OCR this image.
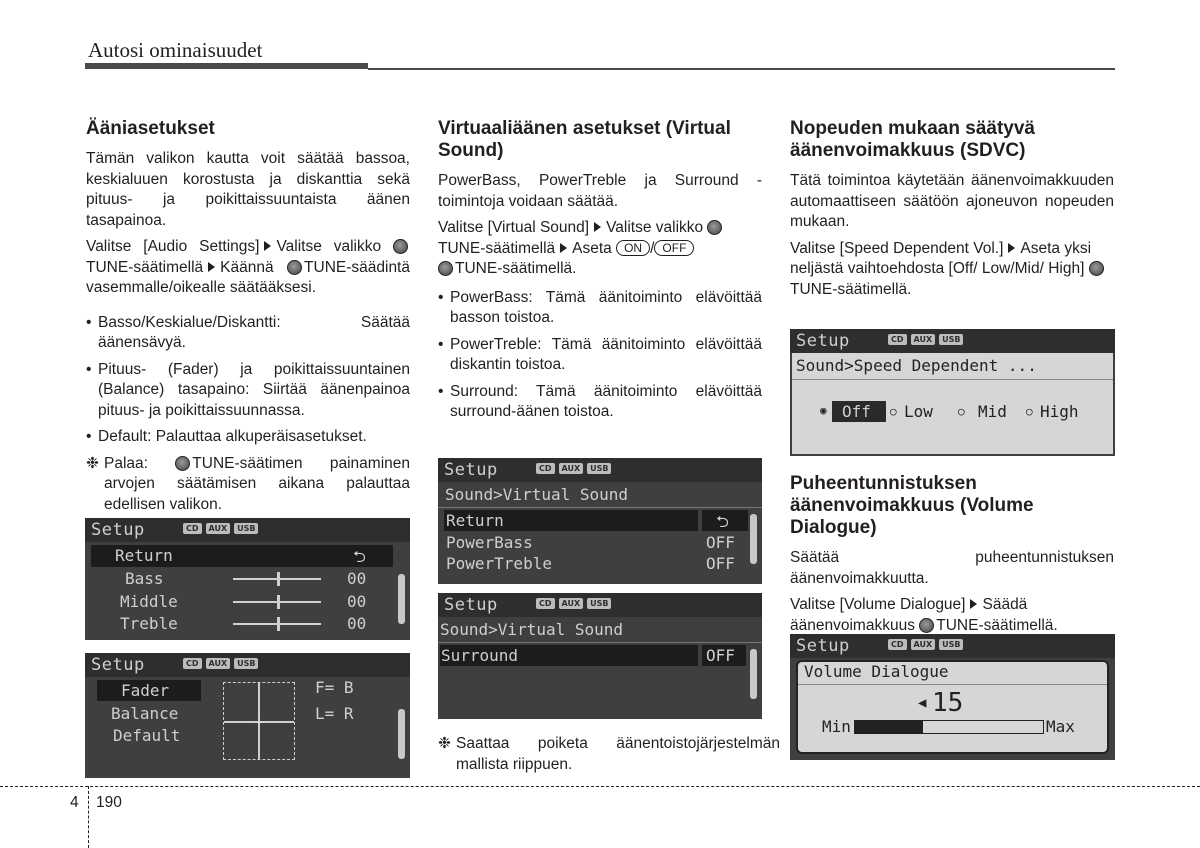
Autosi ominaisuudet
Ääniasetukset

Tämän valikon kautta voit säätää bassoa, keskialuuen korostusta ja diskanttia sekä pituus- ja poikittaissuuntaista äänen tasapainoa.

Valitse [Audio Settings] Valitse valikko TUNE-säätimellä Käännä TUNE-säädintä vasemmalle/oikealle säätääksesi.

• Basso/Keskialue/Diskantti: Säätää äänensävyä.
• Pituus- (Fader) ja poikittaissuuntainen (Balance) tasapaino: Siirtää äänenpainoa pituus- ja poikittaissuunnassa.
• Default: Palauttaa alkuperäisasetukset.
❉ Palaa:	TUNE-säätimen painaminen arvojen säätämisen aikana palauttaa edellisen valikon.
Setup	CD	AUX	USB
Return	⮌
Bass	00
Middle	00
Treble	00
Setup	CD	AUX	USB
Fader
Balance
Default
+
F= B
L= R
Virtuaaliäänen asetukset (Virtual Sound)

PowerBass, PowerTreble ja Surround -toimintoja voidaan säätää.

Valitse [Virtual Sound] Valitse valikko TUNE-säätimellä Aseta ON / OFF
TUNE-säätimellä.

• PowerBass: Tämä äänitoiminto elävöittää basson toistoa.
• PowerTreble: Tämä äänitoiminto elävöittää diskantin toistoa.
• Surround: Tämä äänitoiminto elävöittää surround-äänen toistoa.
Setup	CD	AUX	USB
Sound>Virtual Sound
Return	⮌
PowerBass	OFF
PowerTreble	OFF
Setup	CD	AUX	USB
Sound>Virtual Sound
Surround	OFF
❉ Saattaa poiketa äänentoistojärjestelmän mallista riippuen.
Nopeuden mukaan säätyvä äänenvoimakkuus (SDVC)

Tätä toimintoa käytetään äänenvoimakkuuden automaattiseen säätöön ajoneuvon nopeuden mukaan.

Valitse [Speed Dependent Vol.] Aseta yksi neljästä vaihtoehdosta [Off/ Low/Mid/ High] TUNE-säätimellä.

Setup	CD	AUX	USB
Sound>Speed Dependent ...
◉ Off ○ Low ○ Mid ○ High
Puheentunnistuksen äänenvoimakkuus (Volume Dialogue)

Säätää puheentunnistuksen äänenvoimakkuutta.

Valitse [Volume Dialogue] Säädä äänenvoimakkuus TUNE-säätimellä.

Setup	CD	AUX	USB
Volume Dialogue
◀ 15
Min	Max
4 190
